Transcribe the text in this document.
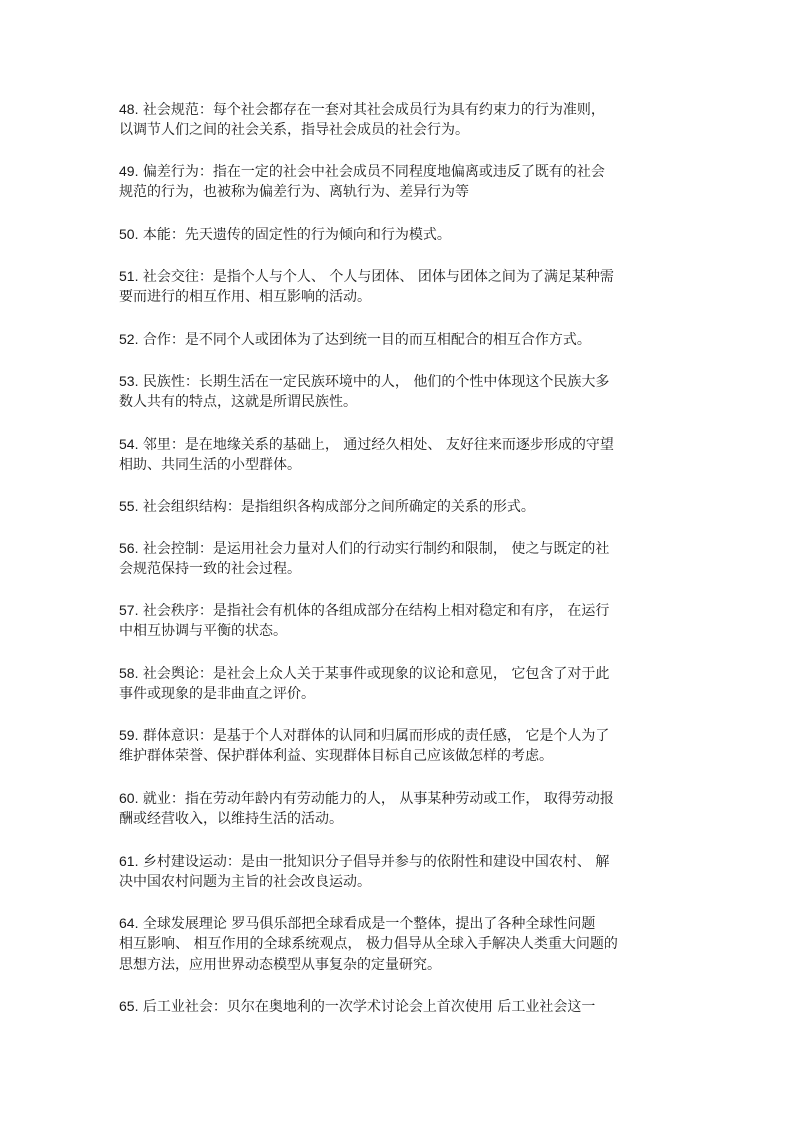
48. 社会规范：每个社会都存在一套对其社会成员行为具有约束力的行为准则，
以调节人们之间的社会关系，指导社会成员的社会行为。
49. 偏差行为：指在一定的社会中社会成员不同程度地偏离或违反了既有的社会
规范的行为，也被称为偏差行为、离轨行为、差异行为等
50. 本能：先天遗传的固定性的行为倾向和行为模式。
51. 社会交往：是指个人与个人、 个人与团体、 团体与团体之间为了满足某种需
要而进行的相互作用、相互影响的活动。
52. 合作：是不同个人或团体为了达到统一目的而互相配合的相互合作方式。
53. 民族性：长期生活在一定民族环境中的人， 他们的个性中体现这个民族大多
数人共有的特点，这就是所谓民族性。
54. 邻里：是在地缘关系的基础上， 通过经久相处、 友好往来而逐步形成的守望
相助、共同生活的小型群体。
55. 社会组织结构：是指组织各构成部分之间所确定的关系的形式。
56. 社会控制：是运用社会力量对人们的行动实行制约和限制， 使之与既定的社
会规范保持一致的社会过程。
57. 社会秩序：是指社会有机体的各组成部分在结构上相对稳定和有序， 在运行
中相互协调与平衡的状态。
58. 社会舆论：是社会上众人关于某事件或现象的议论和意见， 它包含了对于此
事件或现象的是非曲直之评价。
59. 群体意识：是基于个人对群体的认同和归属而形成的责任感， 它是个人为了
维护群体荣誉、保护群体利益、实现群体目标自己应该做怎样的考虑。
60. 就业：指在劳动年龄内有劳动能力的人， 从事某种劳动或工作， 取得劳动报
酬或经营收入，以维持生活的活动。
61. 乡村建设运动：是由一批知识分子倡导并参与的依附性和建设中国农村、 解
决中国农村问题为主旨的社会改良运动。
64. 全球发展理论 罗马俱乐部把全球看成是一个整体，提出了各种全球性问题
相互影响、 相互作用的全球系统观点， 极力倡导从全球入手解决人类重大问题的
思想方法，应用世界动态模型从事复杂的定量研究。
65. 后工业社会：贝尔在奥地利的一次学术讨论会上首次使用 后工业社会这一
